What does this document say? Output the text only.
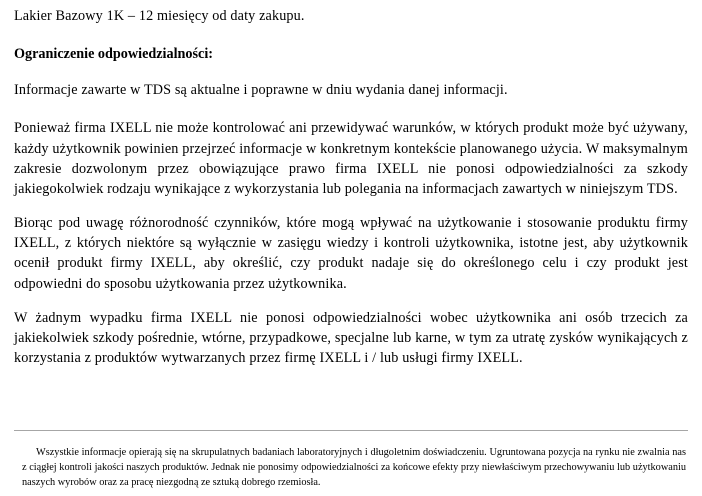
Lakier Bazowy 1K – 12 miesięcy od daty zakupu.

Ograniczenie odpowiedzialności:

Informacje zawarte w TDS są aktualne i poprawne w dniu wydania danej informacji.

Ponieważ firma IXELL nie może kontrolować ani przewidywać warunków, w których produkt może być używany, każdy użytkownik powinien przejrzeć informacje w konkretnym kontekście planowanego użycia. W maksymalnym zakresie dozwolonym przez obowiązujące prawo firma IXELL nie ponosi odpowiedzialności za szkody jakiegokolwiek rodzaju wynikające z wykorzystania lub polegania na informacjach zawartych w niniejszym TDS.

Biorąc pod uwagę różnorodność czynników, które mogą wpływać na użytkowanie i stosowanie produktu firmy IXELL, z których niektóre są wyłącznie w zasięgu wiedzy i kontroli użytkownika, istotne jest, aby użytkownik ocenił produkt firmy IXELL, aby określić, czy produkt nadaje się do określonego celu i czy produkt jest odpowiedni do sposobu użytkowania przez użytkownika.

W żadnym wypadku firma IXELL nie ponosi odpowiedzialności wobec użytkownika ani osób trzecich za jakiekolwiek szkody pośrednie, wtórne, przypadkowe, specjalne lub karne, w tym za utratę zysków wynikających z korzystania z produktów wytwarzanych przez firmę IXELL i / lub usługi firmy IXELL.

Wszystkie informacje opierają się na skrupulatnych badaniach laboratoryjnych i długoletnim doświadczeniu. Ugruntowana pozycja na rynku nie zwalnia nas z ciągłej kontroli jakości naszych produktów. Jednak nie ponosimy odpowiedzialności za końcowe efekty przy niewłaściwym przechowywaniu lub użytkowaniu naszych wyrobów oraz za pracę niezgodną ze sztuką dobrego rzemiosła.
